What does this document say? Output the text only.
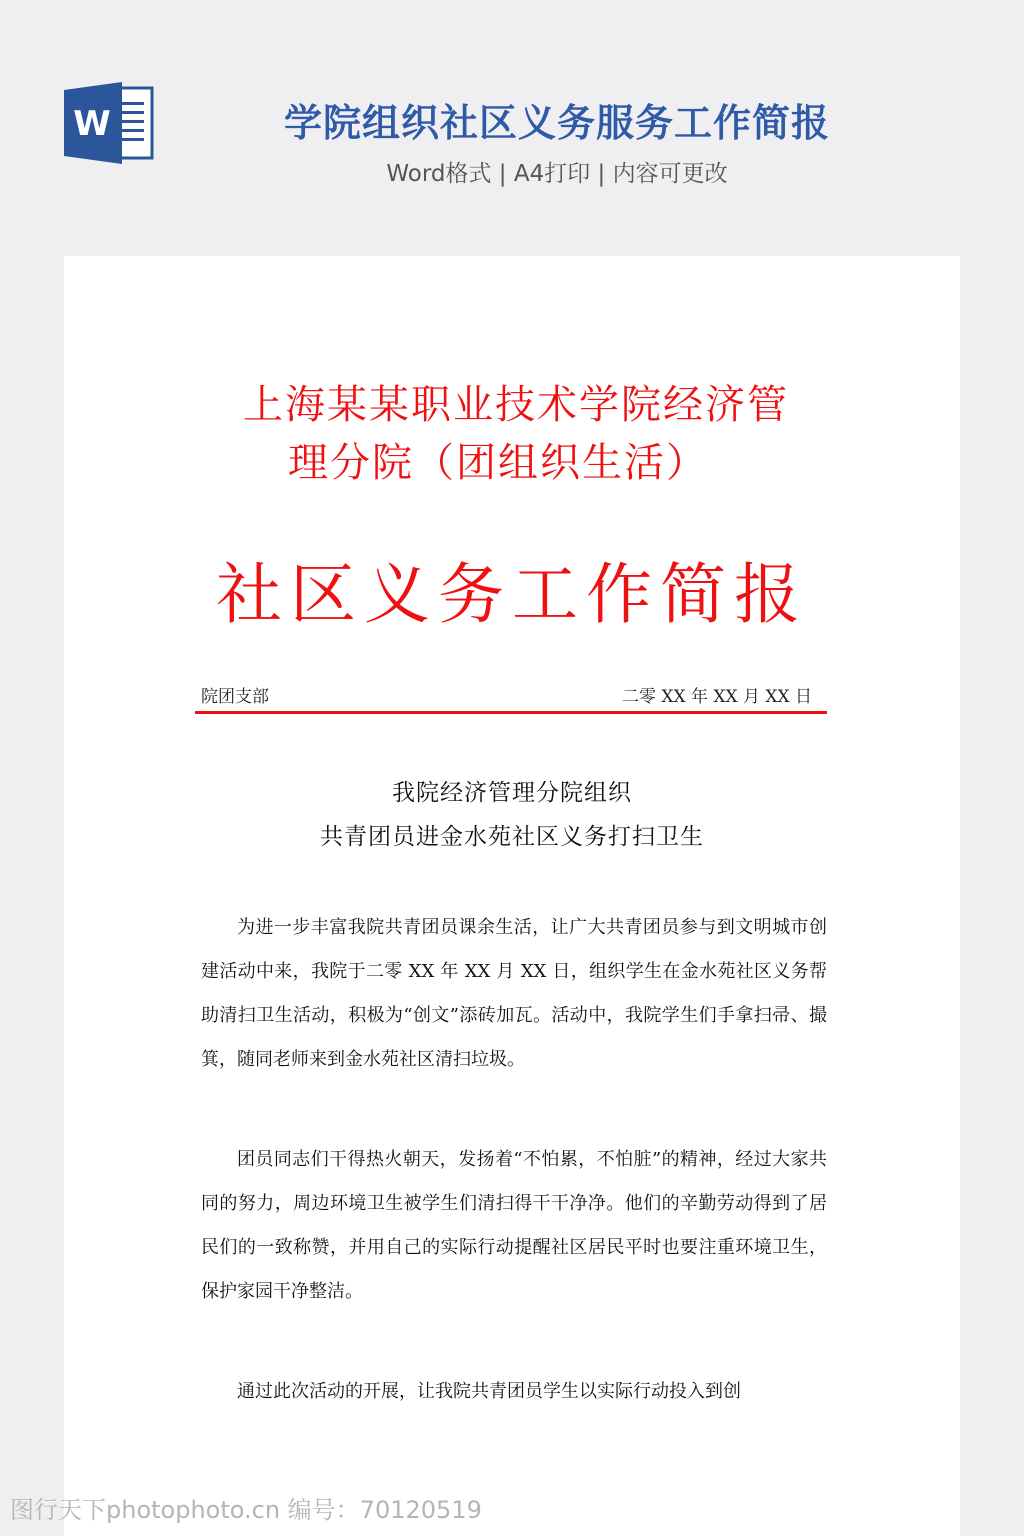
W	学院组织社区义务服务工作简报
Word格式 | A4打印 | 内容可更改
上海某某职业技术学院经济管
理分院（团组织生活）
社区义务工作简报
院团支部	二零 XX 年 XX 月 XX 日
我院经济管理分院组织
共青团员进金水苑社区义务打扫卫生

为进一步丰富我院共青团员课余生活，让广大共青团员参与到文明城市创建活动中来，我院于二零 XX 年 XX 月 XX 日，组织学生在金水苑社区义务帮助清扫卫生活动，积极为“创文”添砖加瓦。活动中，我院学生们手拿扫帚、撮箕，随同老师来到金水苑社区清扫垃圾。

团员同志们干得热火朝天，发扬着“不怕累，不怕脏”的精神，经过大家共同的努力，周边环境卫生被学生们清扫得干干净净。他们的辛勤劳动得到了居民们的一致称赞，并用自己的实际行动提醒社区居民平时也要注重环境卫生，保护家园干净整洁。

通过此次活动的开展，让我院共青团员学生以实际行动投入到创

图行天下photophoto.cn 编号：70120519
